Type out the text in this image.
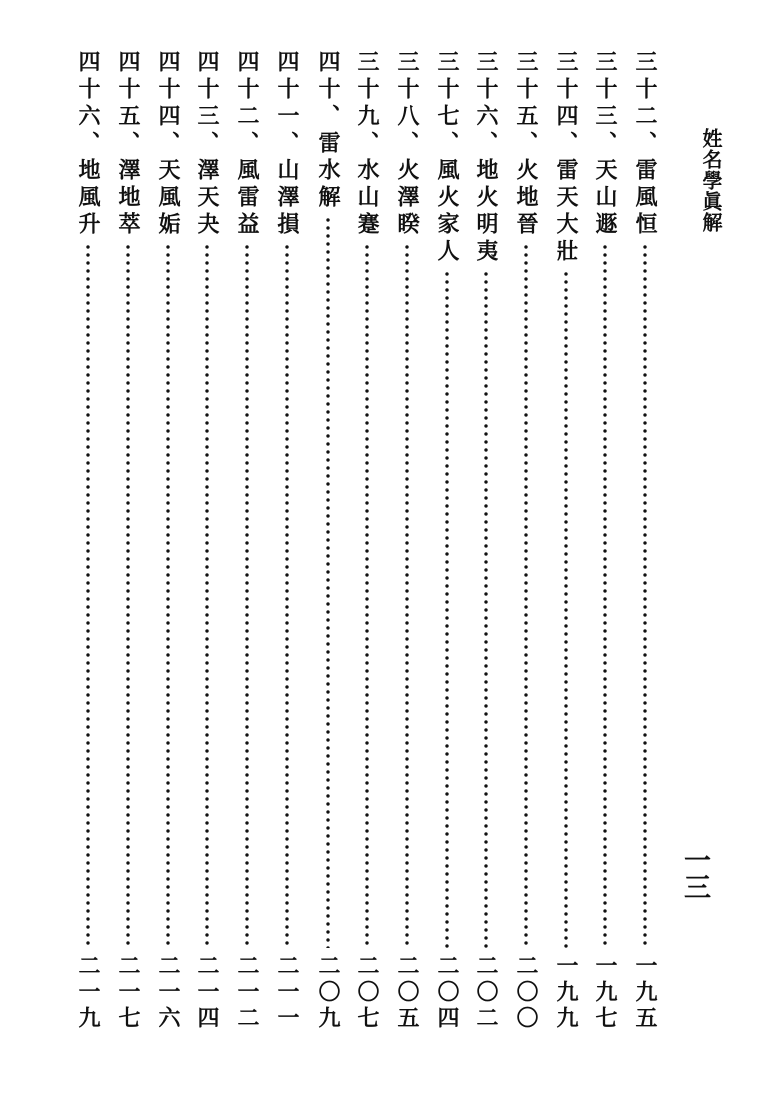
姓名學眞解
一三
三十二、雷風恒
一九五
三十三、天山遯
一九七
三十四、雷天大壯
一九九
三十五、火地晉
二〇〇
三十六、地火明夷
二〇二
三十七、風火家人
二〇四
三十八、火澤睽
二〇五
三十九、水山蹇
二〇七
四十、雷水解
二〇九
四十一、山澤損
二一一
四十二、風雷益
二一二
四十三、澤天夬
二一四
四十四、天風姤
二一六
四十五、澤地萃
二一七
四十六、地風升
二一九
